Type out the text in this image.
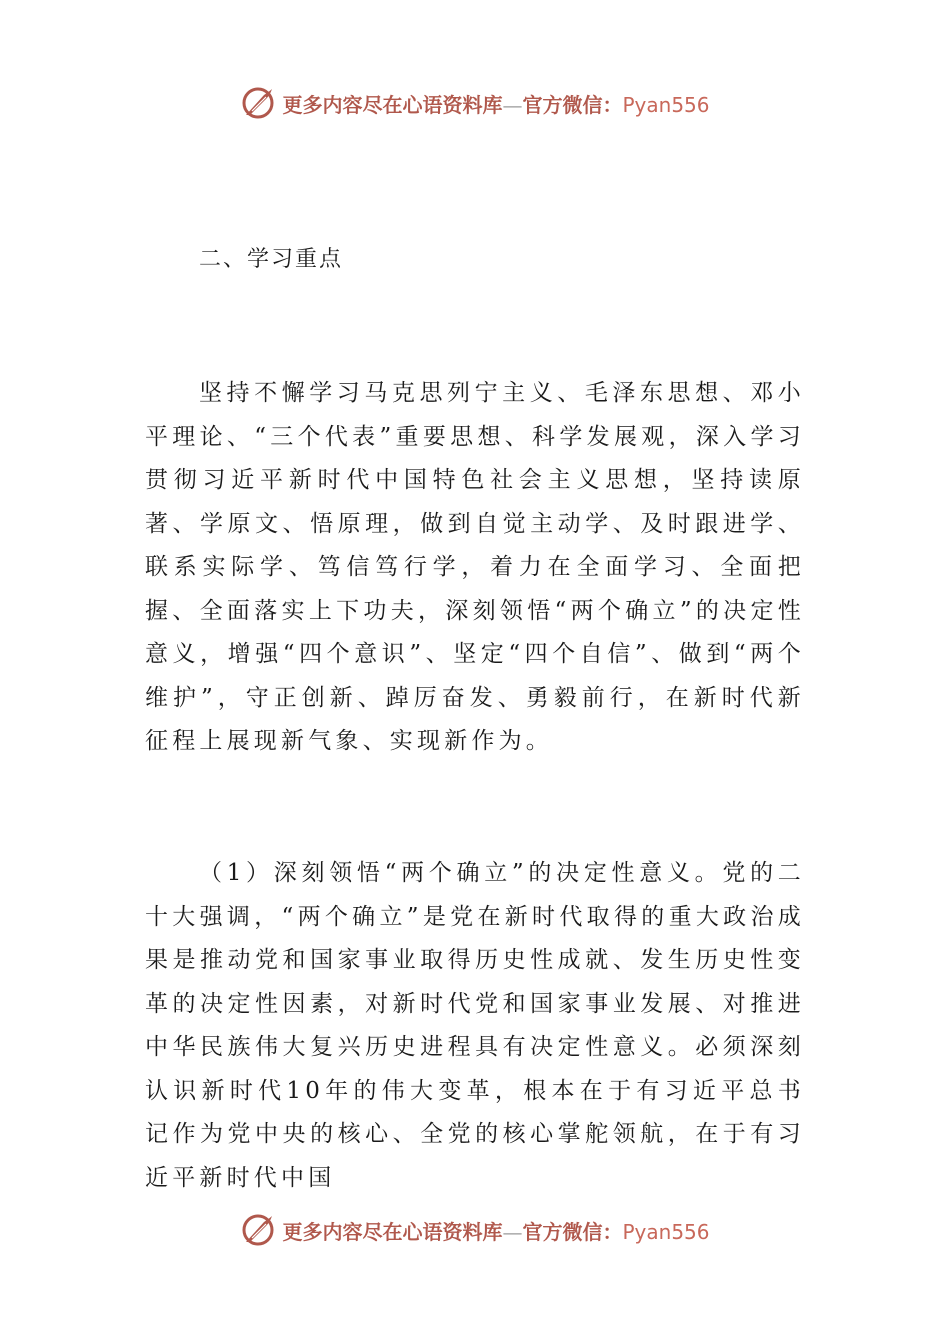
更多内容尽在心语资料库—官方微信：Pyan556
二、学习重点

坚持不懈学习马克思列宁主义、毛泽东思想、邓小平理论、“三个代表”重要思想、科学发展观，深入学习贯彻习近平新时代中国特色社会主义思想，坚持读原著、学原文、悟原理，做到自觉主动学、及时跟进学、联系实际学、笃信笃行学，着力在全面学习、全面把握、全面落实上下功夫，深刻领悟“两个确立”的决定性意义，增强“四个意识”、坚定“四个自信”、做到“两个维护”，守正创新、踔厉奋发、勇毅前行，在新时代新征程上展现新气象、实现新作为。

（1）深刻领悟“两个确立”的决定性意义。党的二十大强调，“两个确立”是党在新时代取得的重大政治成果是推动党和国家事业取得历史性成就、发生历史性变革的决定性因素，对新时代党和国家事业发展、对推进中华民族伟大复兴历史进程具有决定性意义。必须深刻认识新时代10年的伟大变革，根本在于有习近平总书记作为党中央的核心、全党的核心掌舵领航，在于有习近平新时代中国

更多内容尽在心语资料库—官方微信：Pyan556
